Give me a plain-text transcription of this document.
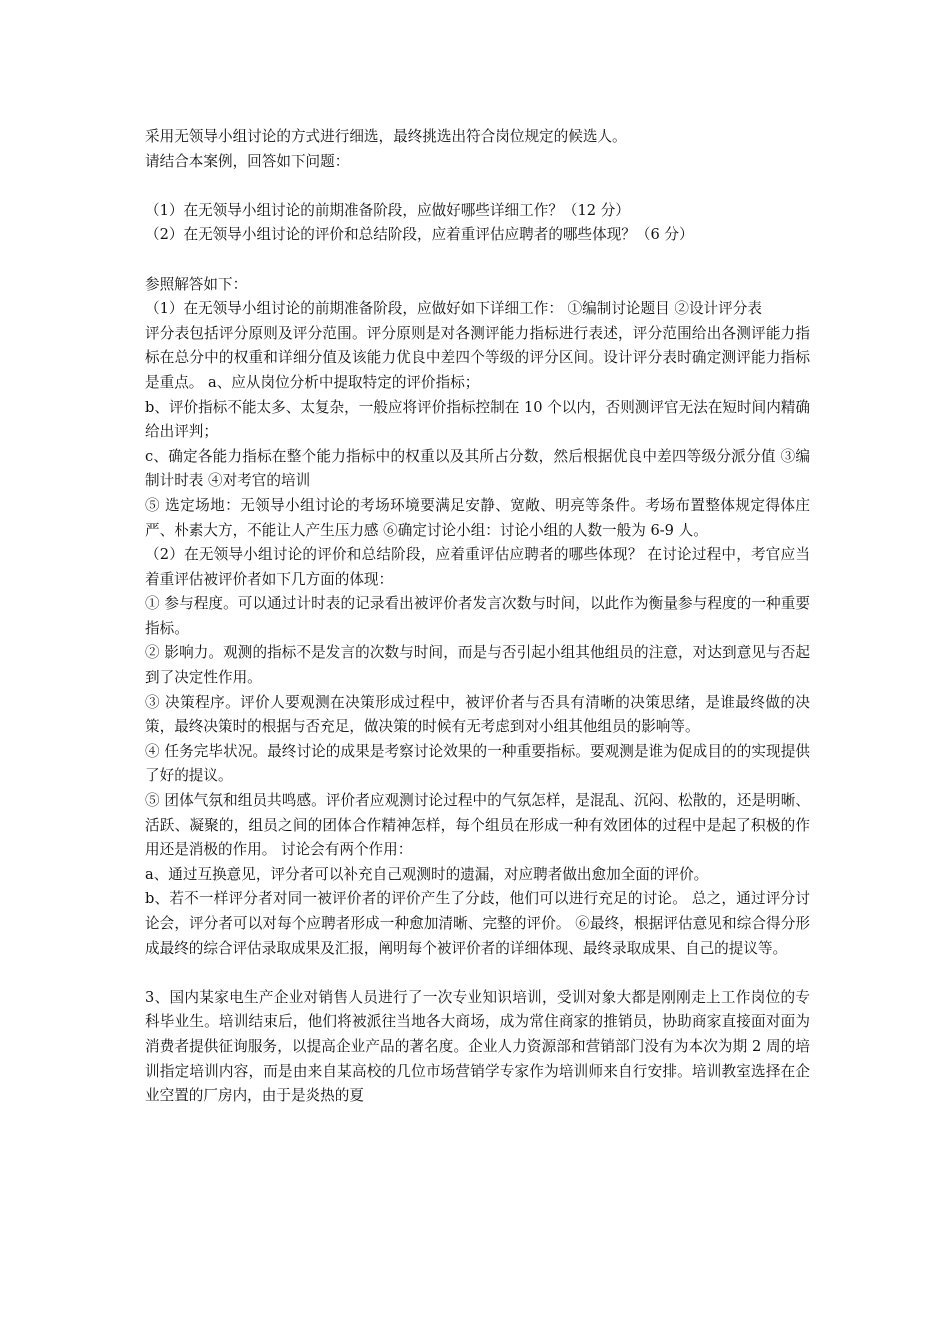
采用无领导小组讨论的方式进行细选，最终挑选出符合岗位规定的候选人。

请结合本案例，回答如下问题：

（1）在无领导小组讨论的前期准备阶段，应做好哪些详细工作？（12 分）

（2）在无领导小组讨论的评价和总结阶段，应着重评估应聘者的哪些体现？（6 分）

参照解答如下：

（1）在无领导小组讨论的前期准备阶段，应做好如下详细工作： ①编制讨论题目 ②设计评分表

评分表包括评分原则及评分范围。评分原则是对各测评能力指标进行表述，评分范围给出各测评能力指标在总分中的权重和详细分值及该能力优良中差四个等级的评分区间。设计评分表时确定测评能力指标是重点。 a、应从岗位分析中提取特定的评价指标；

b、评价指标不能太多、太复杂，一般应将评价指标控制在 10 个以内，否则测评官无法在短时间内精确给出评判；

c、确定各能力指标在整个能力指标中的权重以及其所占分数，然后根据优良中差四等级分派分值 ③编制计时表 ④对考官的培训

⑤ 选定场地：无领导小组讨论的考场环境要满足安静、宽敞、明亮等条件。考场布置整体规定得体庄严、朴素大方，不能让人产生压力感 ⑥确定讨论小组：讨论小组的人数一般为 6-9 人。

（2）在无领导小组讨论的评价和总结阶段，应着重评估应聘者的哪些体现？ 在讨论过程中，考官应当着重评估被评价者如下几方面的体现：

① 参与程度。可以通过计时表的记录看出被评价者发言次数与时间，以此作为衡量参与程度的一种重要指标。

② 影响力。观测的指标不是发言的次数与时间，而是与否引起小组其他组员的注意，对达到意见与否起到了决定性作用。

③ 决策程序。评价人要观测在决策形成过程中，被评价者与否具有清晰的决策思绪，是谁最终做的决策，最终决策时的根据与否充足，做决策的时候有无考虑到对小组其他组员的影响等。

④ 任务完毕状况。最终讨论的成果是考察讨论效果的一种重要指标。要观测是谁为促成目的的实现提供了好的提议。

⑤ 团体气氛和组员共鸣感。评价者应观测讨论过程中的气氛怎样，是混乱、沉闷、松散的，还是明晰、活跃、凝聚的，组员之间的团体合作精神怎样，每个组员在形成一种有效团体的过程中是起了积极的作用还是消极的作用。 讨论会有两个作用：

a、通过互换意见，评分者可以补充自己观测时的遗漏，对应聘者做出愈加全面的评价。

b、若不一样评分者对同一被评价者的评价产生了分歧，他们可以进行充足的讨论。 总之，通过评分讨论会，评分者可以对每个应聘者形成一种愈加清晰、完整的评价。 ⑥最终，根据评估意见和综合得分形成最终的综合评估录取成果及汇报，阐明每个被评价者的详细体现、最终录取成果、自己的提议等。

3、国内某家电生产企业对销售人员进行了一次专业知识培训，受训对象大都是刚刚走上工作岗位的专科毕业生。培训结束后，他们将被派往当地各大商场，成为常住商家的推销员，协助商家直接面对面为消费者提供征询服务，以提高企业产品的著名度。企业人力资源部和营销部门没有为本次为期 2 周的培训指定培训内容，而是由来自某高校的几位市场营销学专家作为培训师来自行安排。培训教室选择在企业空置的厂房内，由于是炎热的夏
